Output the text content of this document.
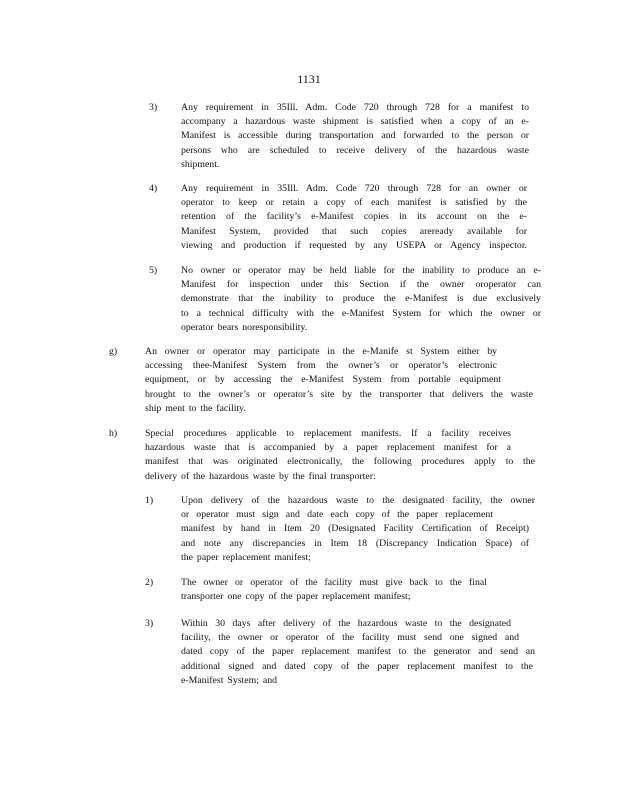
1131
3) Any requirement in 35Ill. Adm. Code 720 through 728 for a manifest to
accompany a hazardous waste shipment is satisfied when a copy of an e-
Manifest is accessible during transportation and forwarded to the person or
persons who are scheduled to receive delivery of the hazardous waste
shipment.
4) Any requirement in 35Ill. Adm. Code 720 through 728 for an owner or
operator to keep or retain a copy of each manifest is satisfied by the
retention of the facility’s e-Manifest copies in its account on the e-
Manifest System, provided that such copies areready available for
viewing and production if requested by any USEPA or Agency inspector.
5) No owner or operator may be held liable for the inability to produce an e-
Manifest for inspection under this Section if the owner oroperator can
demonstrate that the inability to produce the e-Manifest is due exclusively
to a technical difficulty with the e-Manifest System for which the owner or
operator bears noresponsibility.
g)	An owner or operator may participate in the e-Manife st System either by
accessing thee-Manifest System from the owner’s or operator’s electronic
equipment, or by accessing the e-Manifest System from portable equipment
brought to the owner’s or operator’s site by the transporter that delivers the waste
ship ment to the facility.
h)	Special procedures applicable to replacement manifests. If a facility receives
hazardous waste that is accompanied by a paper replacement manifest for a
manifest that was originated electronically, the following procedures apply to the
delivery of the hazardous waste by the final transporter:
1)	Upon delivery of the hazardous waste to the designated facility, the owner
or operator must sign and date each copy of the paper replacement
manifest by hand in Item 20 (Designated Facility Certification of Receipt)
and note any discrepancies in Item 18 (Discrepancy Indication Space) of
the paper replacement manifest;
2)	The owner or operator of the facility must give back to the final
transporter one copy of the paper replacement manifest;
3)	Within 30 days after delivery of the hazardous waste to the designated
facility, the owner or operator of the facility must send one signed and
dated copy of the paper replacement manifest to the generator and send an
additional signed and dated copy of the paper replacement manifest to the
e-Manifest System; and
